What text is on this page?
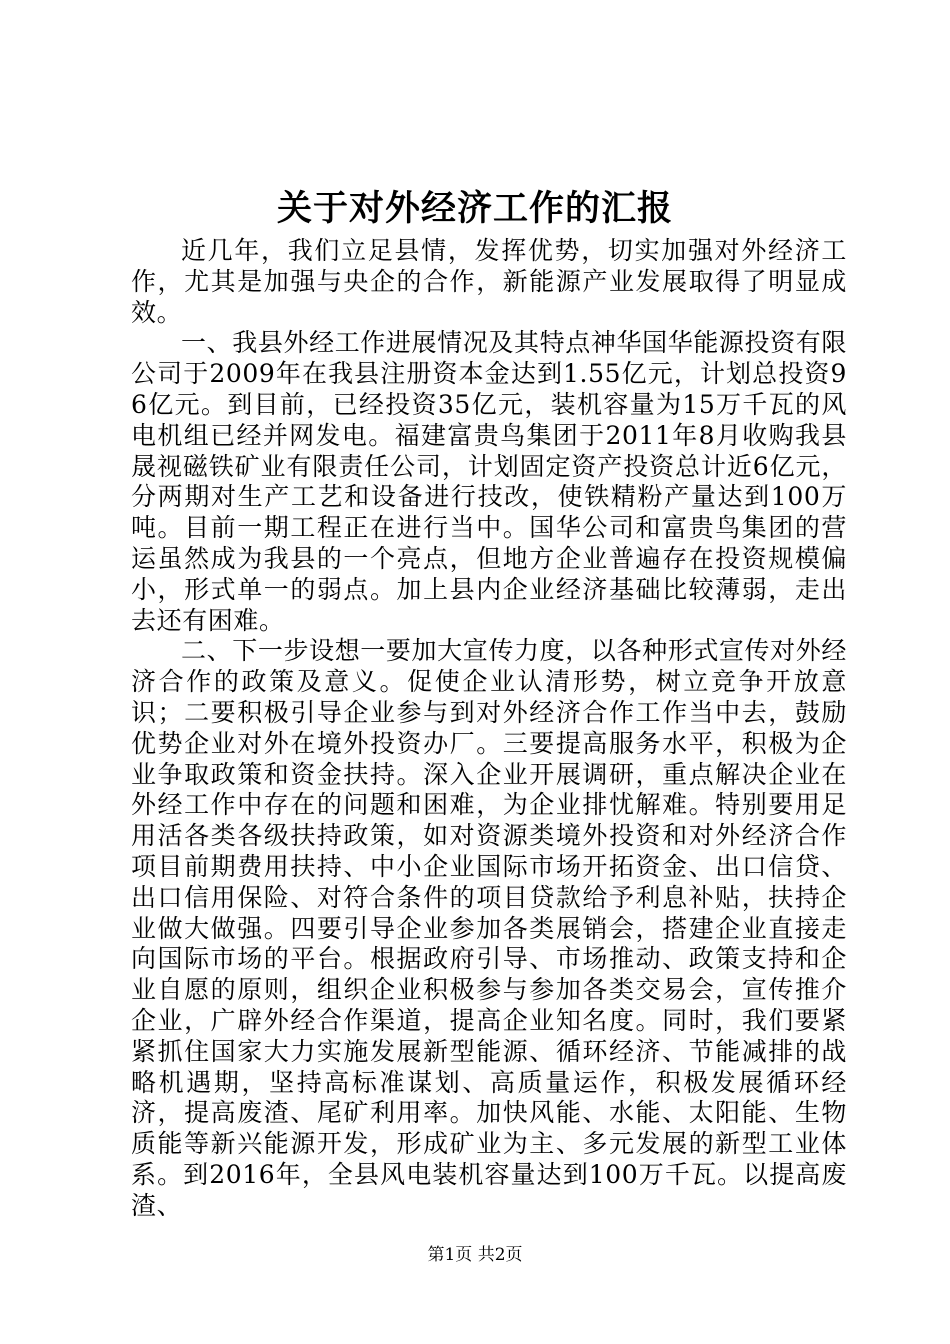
关于对外经济工作的汇报

近几年，我们立足县情，发挥优势，切实加强对外经济工作，尤其是加强与央企的合作，新能源产业发展取得了明显成效。

一、我县外经工作进展情况及其特点神华国华能源投资有限公司于2009年在我县注册资本金达到1.55亿元，计划总投资96亿元。到目前，已经投资35亿元，装机容量为15万千瓦的风电机组已经并网发电。福建富贵鸟集团于2011年8月收购我县晟视磁铁矿业有限责任公司，计划固定资产投资总计近6亿元，分两期对生产工艺和设备进行技改，使铁精粉产量达到100万吨。目前一期工程正在进行当中。国华公司和富贵鸟集团的营运虽然成为我县的一个亮点，但地方企业普遍存在投资规模偏小，形式单一的弱点。加上县内企业经济基础比较薄弱，走出去还有困难。

二、下一步设想一要加大宣传力度，以各种形式宣传对外经济合作的政策及意义。促使企业认清形势，树立竞争开放意识；二要积极引导企业参与到对外经济合作工作当中去，鼓励优势企业对外在境外投资办厂。三要提高服务水平，积极为企业争取政策和资金扶持。深入企业开展调研，重点解决企业在外经工作中存在的问题和困难，为企业排忧解难。特别要用足用活各类各级扶持政策，如对资源类境外投资和对外经济合作项目前期费用扶持、中小企业国际市场开拓资金、出口信贷、出口信用保险、对符合条件的项目贷款给予利息补贴，扶持企业做大做强。四要引导企业参加各类展销会，搭建企业直接走向国际市场的平台。根据政府引导、市场推动、政策支持和企业自愿的原则，组织企业积极参与参加各类交易会，宣传推介企业，广辟外经合作渠道，提高企业知名度。同时，我们要紧紧抓住国家大力实施发展新型能源、循环经济、节能减排的战略机遇期，坚持高标准谋划、高质量运作，积极发展循环经济，提高废渣、尾矿利用率。加快风能、水能、太阳能、生物质能等新兴能源开发，形成矿业为主、多元发展的新型工业体系。到2016年，全县风电装机容量达到100万千瓦。以提高废渣、

第1页 共2页
